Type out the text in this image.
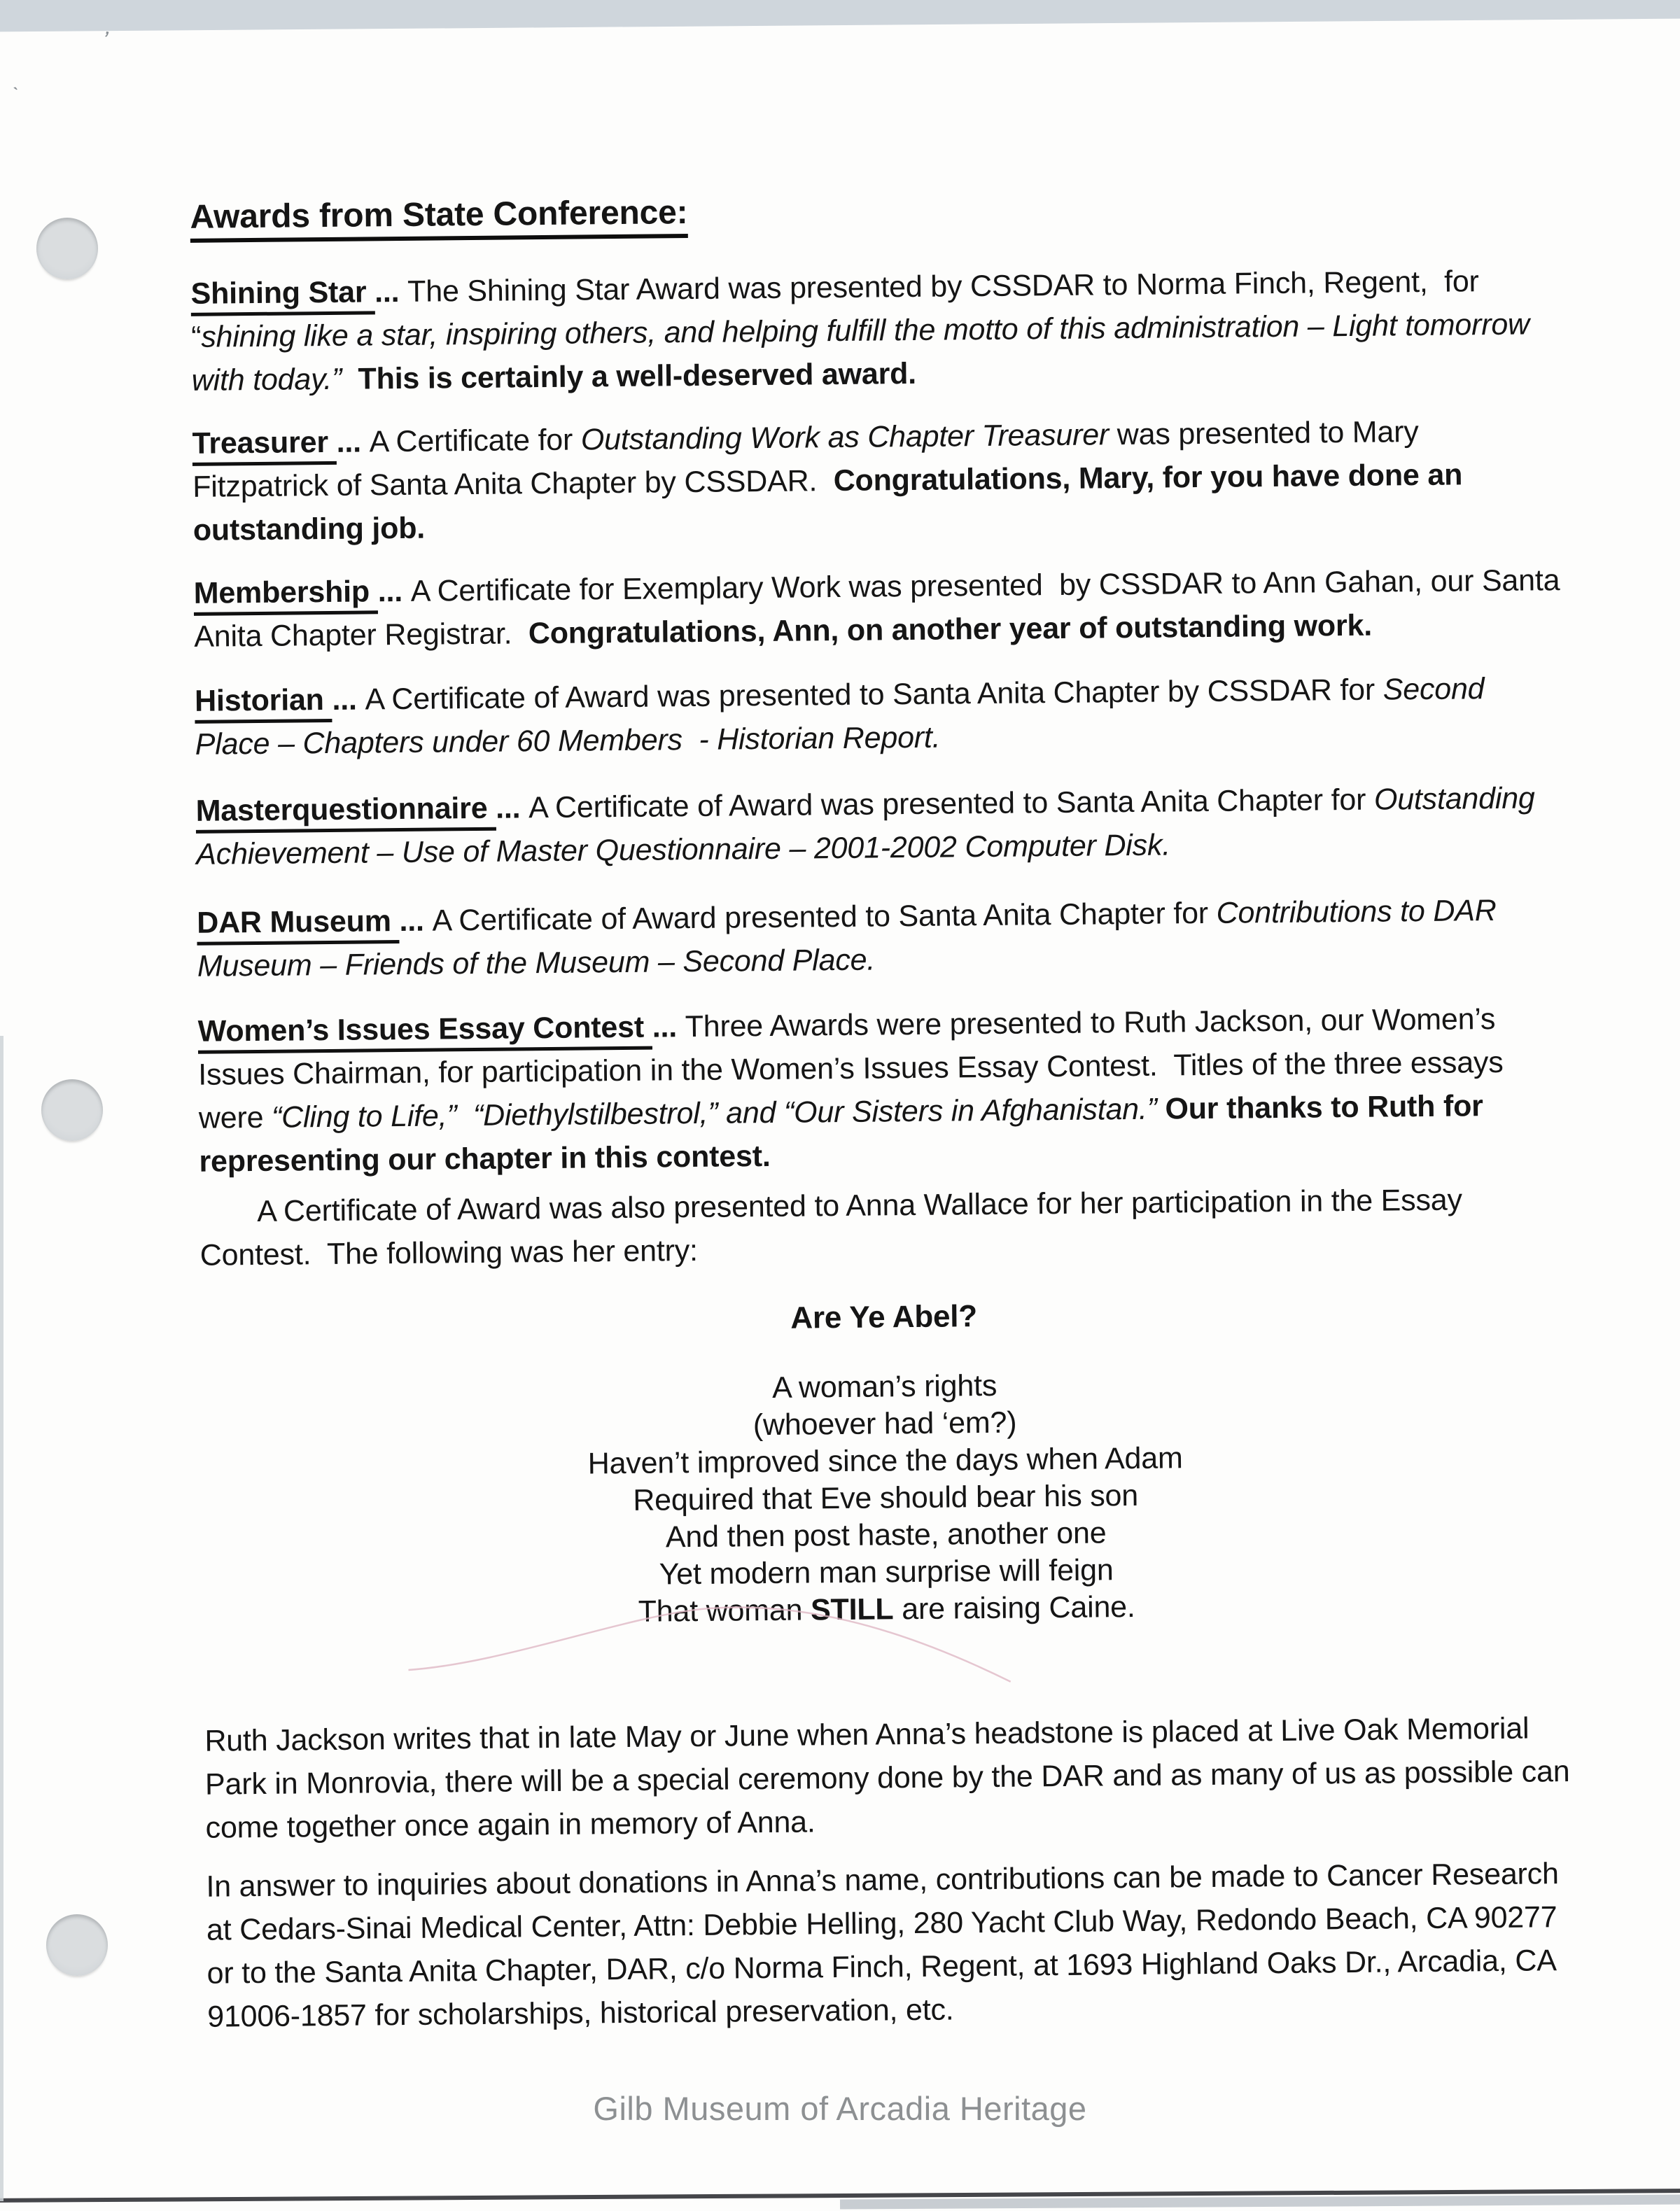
’
ˎ
Awards from State Conference:
Shining Star ... The Shining Star Award was presented by CSSDAR to Norma Finch, Regent,  for “shining like a star, inspiring others, and helping fulfill the motto of this administration – Light tomorrow with today.” This is certainly a well-deserved award.
Treasurer ... A Certificate for Outstanding Work as Chapter Treasurer was presented to Mary Fitzpatrick of Santa Anita Chapter by CSSDAR.  Congratulations, Mary, for you have done an outstanding job.
Membership ... A Certificate for Exemplary Work was presented  by CSSDAR to Ann Gahan, our Santa Anita Chapter Registrar.  Congratulations, Ann, on another year of outstanding work.
Historian ... A Certificate of Award was presented to Santa Anita Chapter by CSSDAR for Second Place – Chapters under 60 Members  - Historian Report.
Masterquestionnaire ... A Certificate of Award was presented to Santa Anita Chapter for Outstanding Achievement – Use of Master Questionnaire – 2001-2002 Computer Disk.
DAR Museum ... A Certificate of Award presented to Santa Anita Chapter for Contributions to DAR Museum – Friends of the Museum – Second Place.
Women’s Issues Essay Contest ... Three Awards were presented to Ruth Jackson, our Women’s Issues Chairman, for participation in the Women’s Issues Essay Contest.  Titles of the three essays were “Cling to Life,”  “Diethylstilbestrol,” and “Our Sisters in Afghanistan.” Our thanks to Ruth for representing our chapter in this contest.
A Certificate of Award was also presented to Anna Wallace for her participation in the Essay Contest.  The following was her entry:
Are Ye Abel?
A woman’s rights
(whoever had ‘em?)
Haven’t improved since the days when Adam
Required that Eve should bear his son
And then post haste, another one
Yet modern man surprise will feign
That woman STILL are raising Caine.
Ruth Jackson writes that in late May or June when Anna’s headstone is placed at Live Oak Memorial Park in Monrovia, there will be a special ceremony done by the DAR and as many of us as possible can come together once again in memory of Anna.
In answer to inquiries about donations in Anna’s name, contributions can be made to Cancer Research at Cedars-Sinai Medical Center, Attn: Debbie Helling, 280 Yacht Club Way, Redondo Beach, CA 90277 or to the Santa Anita Chapter, DAR, c/o Norma Finch, Regent, at 1693 Highland Oaks Dr., Arcadia, CA 91006-1857 for scholarships, historical preservation, etc.
Gilb Museum of Arcadia Heritage
